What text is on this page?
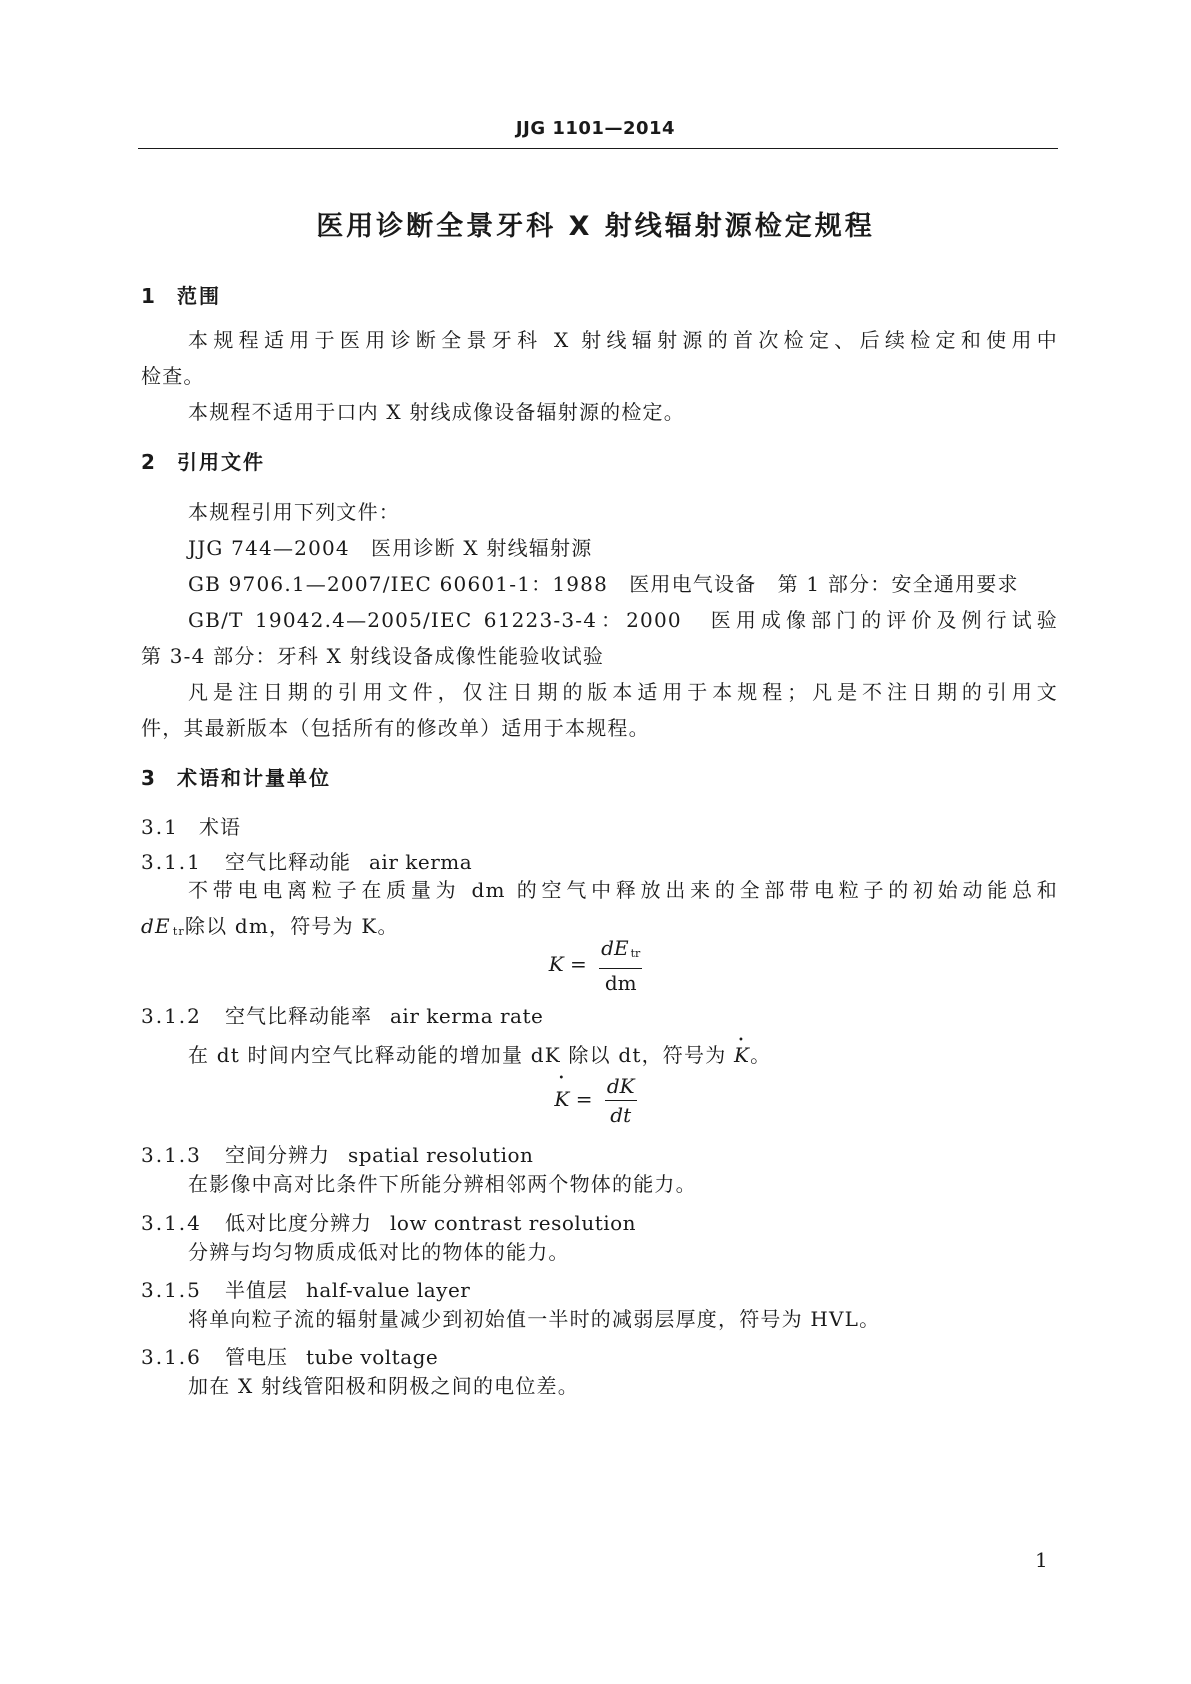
JJG 1101—2014
医用诊断全景牙科 X 射线辐射源检定规程
1 范围
本规程适用于医用诊断全景牙科 X 射线辐射源的首次检定、后续检定和使用中
检查。
本规程不适用于口内 X 射线成像设备辐射源的检定。
2 引用文件
本规程引用下列文件：
JJG 744—2004　医用诊断 X 射线辐射源
GB 9706.1—2007/IEC 60601-1：1988　医用电气设备　第 1 部分：安全通用要求
GB/T 19042.4—2005/IEC 61223-3-4：2000　医用成像部门的评价及例行试验
第 3-4 部分：牙科 X 射线设备成像性能验收试验
凡是注日期的引用文件，仅注日期的版本适用于本规程；凡是不注日期的引用文
件，其最新版本（包括所有的修改单）适用于本规程。
3 术语和计量单位
3.1 术语
3.1.1 空气比释动能 air kerma
不带电电离粒子在质量为 dm 的空气中释放出来的全部带电粒子的初始动能总和
dE tr除以 dm，符号为 K。
$K = \frac{\text{dE tr}}{dm}$
3.1.2 空气比释动能率 air kerma rate
在 dt 时间内空气比释动能的增加量 dK 除以 dt，符号为 • K。
• $K = \frac{dK}{dt}$
3.1.3 空间分辨力 spatial resolution
在影像中高对比条件下所能分辨相邻两个物体的能力。
3.1.4 低对比度分辨力 low contrast resolution
分辨与均匀物质成低对比的物体的能力。
3.1.5 半值层 half-value layer
将单向粒子流的辐射量减少到初始值一半时的减弱层厚度，符号为 HVL。
3.1.6 管电压 tube voltage
加在 X 射线管阳极和阴极之间的电位差。
1
